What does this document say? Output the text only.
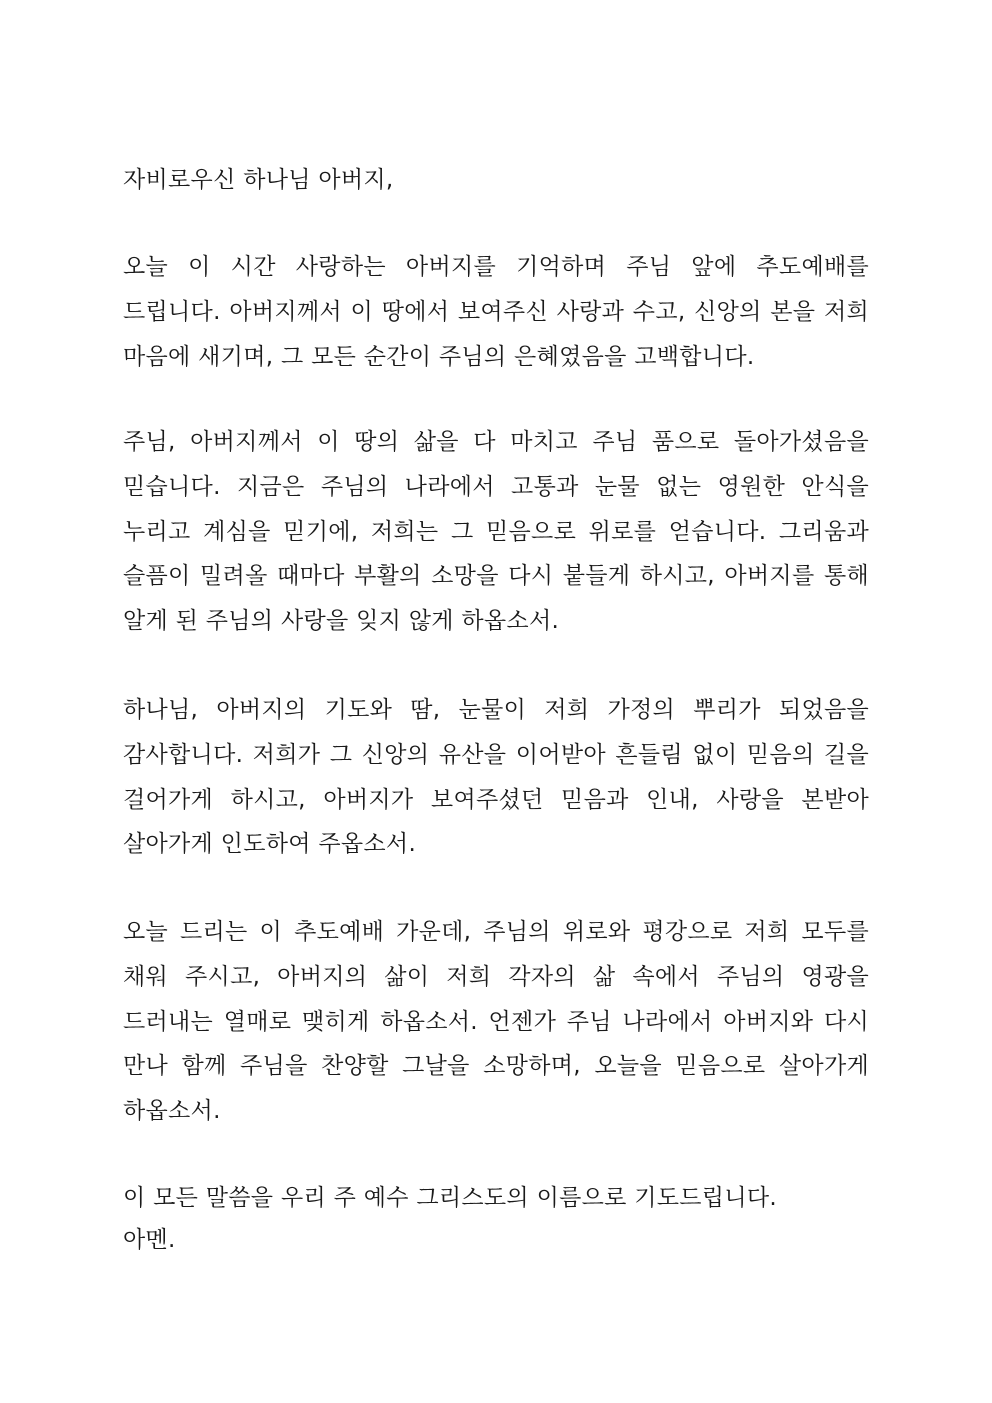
자비로우신 하나님 아버지,

오늘 이 시간 사랑하는 아버지를 기억하며 주님 앞에 추도예배를 드립니다. 아버지께서 이 땅에서 보여주신 사랑과 수고, 신앙의 본을 저희 마음에 새기며, 그 모든 순간이 주님의 은혜였음을 고백합니다.

주님, 아버지께서 이 땅의 삶을 다 마치고 주님 품으로 돌아가셨음을 믿습니다. 지금은 주님의 나라에서 고통과 눈물 없는 영원한 안식을 누리고 계심을 믿기에, 저희는 그 믿음으로 위로를 얻습니다. 그리움과 슬픔이 밀려올 때마다 부활의 소망을 다시 붙들게 하시고, 아버지를 통해 알게 된 주님의 사랑을 잊지 않게 하옵소서.

하나님, 아버지의 기도와 땀, 눈물이 저희 가정의 뿌리가 되었음을 감사합니다. 저희가 그 신앙의 유산을 이어받아 흔들림 없이 믿음의 길을 걸어가게 하시고, 아버지가 보여주셨던 믿음과 인내, 사랑을 본받아 살아가게 인도하여 주옵소서.

오늘 드리는 이 추도예배 가운데, 주님의 위로와 평강으로 저희 모두를 채워 주시고, 아버지의 삶이 저희 각자의 삶 속에서 주님의 영광을 드러내는 열매로 맺히게 하옵소서. 언젠가 주님 나라에서 아버지와 다시 만나 함께 주님을 찬양할 그날을 소망하며, 오늘을 믿음으로 살아가게 하옵소서.

이 모든 말씀을 우리 주 예수 그리스도의 이름으로 기도드립니다.

아멘.
